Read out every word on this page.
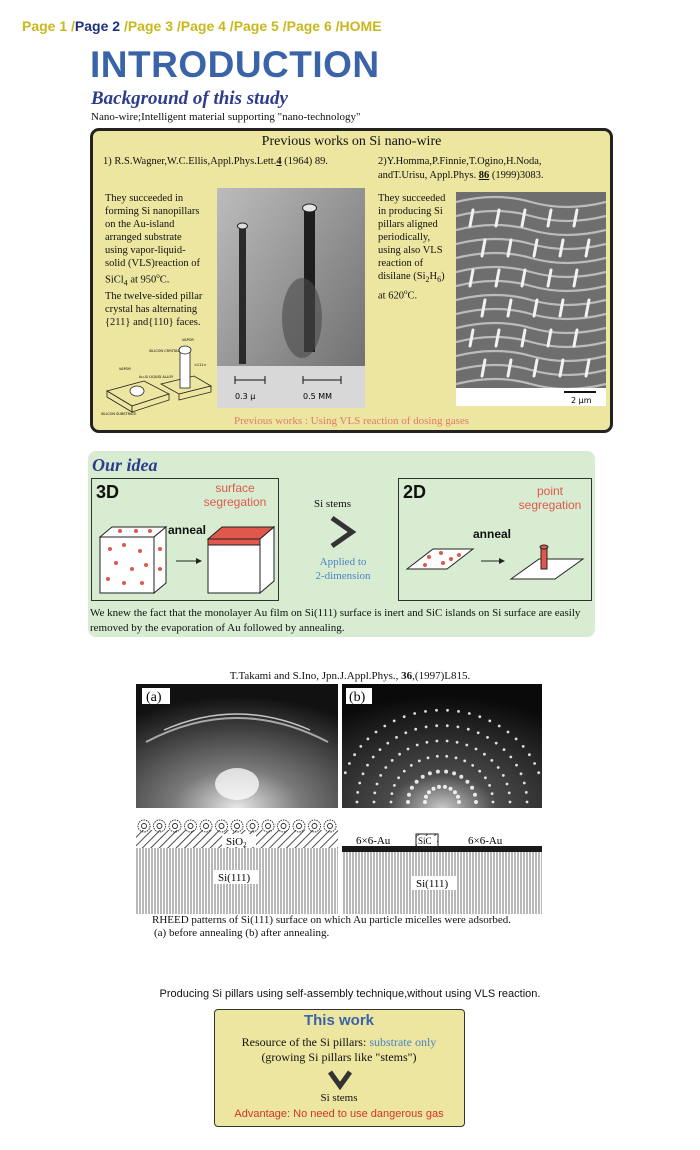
Page 1 /Page 2 /Page 3 /Page 4 /Page 5 /Page 6 /HOME
INTRODUCTION
Background of this study
Nano-wire;Intelligent material supporting "nano-technology"
Previous works on Si nano-wire
1) R.S.Wagner,W.C.Ellis,Appl.Phys.Lett.4 (1964) 89.	2)Y.Homma,P.Finnie,T.Ogino,H.Noda,
andT.Urisu, Appl.Phys. 86 (1999)3083.
They succeeded in
forming Si nanopillars
on the Au-island
arranged substrate
using vapor-liquid-
solid (VLS)reaction of
SiCl$_4$ at 950$^o$C.
The twelve-sided pillar
crystal has alternating
{211} and{110} faces.
VAPOR
SILICON CRYSTAL
<111>
VAPOR
Au-Si LIQUID ALLOY
SILICON SUBSTRATE
0.3 μ	0.5 MM
They succeeded
in producing Si
pillars aligned
periodically,
using also VLS
reaction of
disilane $(Si_2H_6)$
at 620$^o$C.
2 μm
Previous works : Using VLS reaction of dosing gases
Our idea
3D	surface
segregation
anneal
Si stems
Applied to
2-dimension
2D	point
segregation
anneal
We knew the fact that the monolayer Au film on Si(111) surface is inert and SiC islands on Si surface are easily removed by the evaporation of Au followed by annealing.
T.Takami and S.Ino, Jpn.J.Appl.Phys., 36,(1997)L815.
(a)	(b)
SiO2
Si(111)
6×6-Au	SiC	6×6-Au
Si(111)
RHEED patterns of Si(111) surface on which Au particle micelles were adsorbed.
(a) before annealing (b) after annealing.
Producing Si pillars using self-assembly technique,without using VLS reaction.
This work
Resource of the Si pillars: substrate only
(growing Si pillars like "stems")
Si stems
Advantage: No need to use dangerous gas
